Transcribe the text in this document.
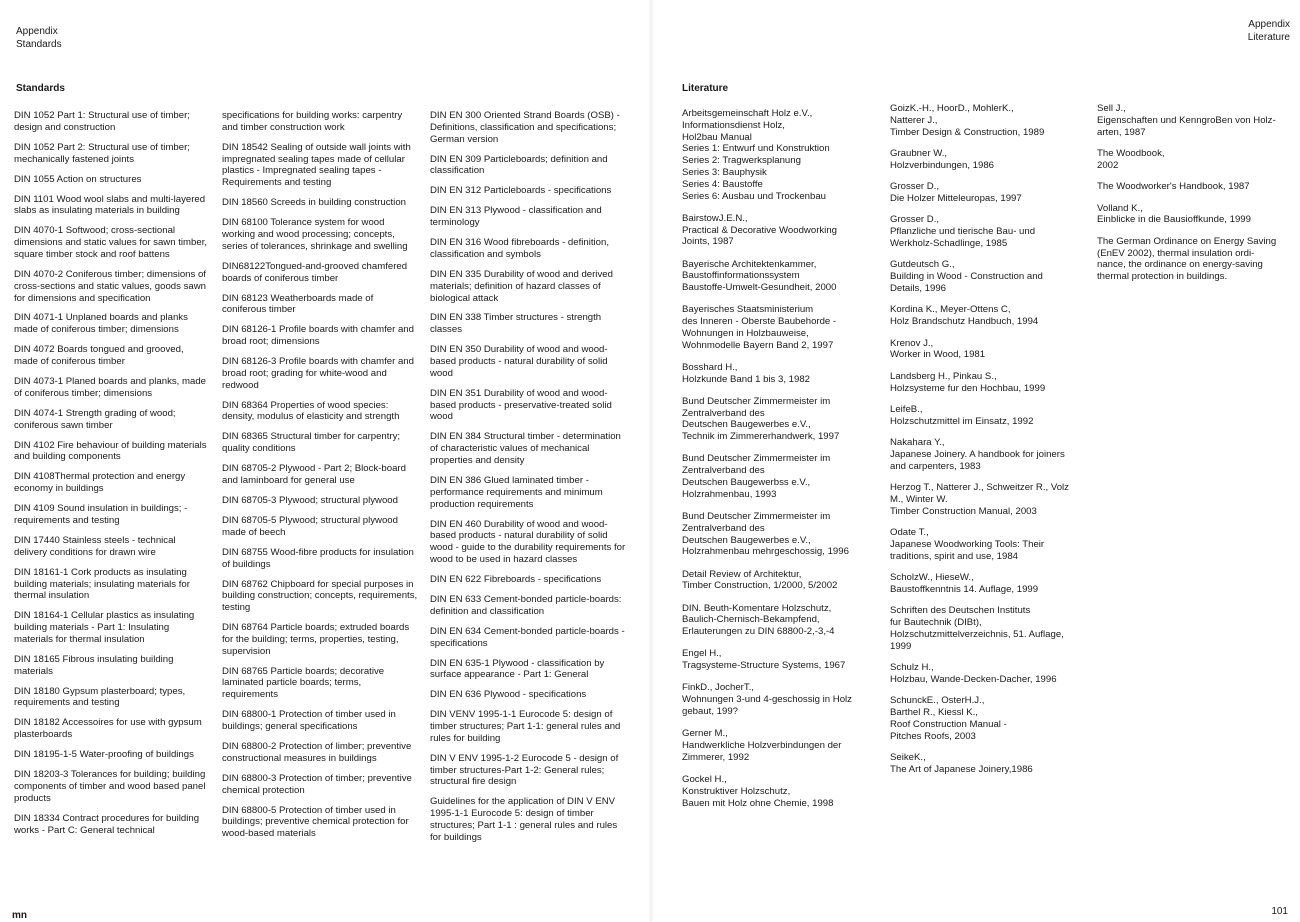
Appendix
Standards
Appendix
Literature
Standards	Literature
DIN 1052 Part 1: Structural use of timber; design and construction
DIN 1052 Part 2: Structural use of timber; mechanically fastened joints
DIN 1055 Action on structures
DIN 1101 Wood wool slabs and multi-layered slabs as insulating materials in building
DIN 4070-1 Softwood; cross-sectional dimensions and static values for sawn timber, square timber stock and roof battens
DIN 4070-2 Coniferous timber; dimensions of cross-sections and static values, goods sawn for dimensions and specification
DIN 4071-1 Unplaned boards and planks made of coniferous timber; dimensions
DIN 4072 Boards tongued and grooved, made of coniferous timber
DIN 4073-1 Planed boards and planks, made of coniferous timber; dimensions
DIN 4074-1 Strength grading of wood; coniferous sawn timber
DIN 4102 Fire behaviour of building materials and building components
DIN 4108Thermal protection and energy economy in buildings
DIN 4109 Sound insulation in buildings; - requirements and testing
DIN 17440 Stainless steels - technical delivery conditions for drawn wire
DIN 18161-1 Cork products as insulating building materials; insulating materials for thermal insulation
DIN 18164-1 Cellular plastics as insulating building materials - Part 1: Insulating materials for thermal insulation
DIN 18165 Fibrous insulating building materials
DIN 18180 Gypsum plasterboard; types, requirements and testing
DIN 18182 Accessoires for use with gypsum plasterboards
DIN 18195-1-5 Water-proofing of buildings
DIN 18203-3 Tolerances for building; building components of timber and wood based panel products
DIN 18334 Contract procedures for building works - Part C: General technical
specifications for building works: carpentry and timber construction work
DIN 18542 Sealing of outside wall joints with impregnated sealing tapes made of cellular plastics - Impregnated sealing tapes - Requirements and testing
DIN 18560 Screeds in building construction
DIN 68100 Tolerance system for wood working and wood processing; concepts, series of tolerances, shrinkage and swelling
DIN68122Tongued-and-grooved chamfered boards of coniferous timber
DIN 68123 Weatherboards made of coniferous timber
DIN 68126-1 Profile boards with chamfer and broad root; dimensions
DIN 68126-3 Profile boards with chamfer and broad root; grading for white-wood and redwood
DIN 68364 Properties of wood species: density, modulus of elasticity and strength
DIN 68365 Structural timber for carpentry; quality conditions
DIN 68705-2 Plywood - Part 2; Block-board and laminboard for general use
DIN 68705-3 Plywood; structural plywood
DIN 68705-5 Plywood; structural plywood made of beech
DIN 68755 Wood-fibre products for insulation of buildings
DIN 68762 Chipboard for special purposes in building construction; concepts, requirements, testing
DIN 68764 Particle boards; extruded boards for the building; terms, properties, testing, supervision
DIN 68765 Particle boards; decorative laminated particle boards; terms, requirements
DIN 68800-1 Protection of timber used in buildings; general specifications
DIN 68800-2 Protection of limber; preventive constructional measures in buildings
DIN 68800-3 Protection of timber; preventive chemical protection
DIN 68800-5 Protection of timber used in buildings; preventive chemical protection for wood-based materials
DIN EN 300 Oriented Strand Boards (OSB) - Definitions, classification and specifications; German version
DIN EN 309 Particleboards; definition and classification
DIN EN 312 Particleboards - specifications
DIN EN 313 Plywood - classification and terminology
DIN EN 316 Wood fibreboards - definition, classification and symbols
DIN EN 335 Durability of wood and derived materials; definition of hazard classes of biological attack
DIN EN 338 Timber structures - strength classes
DIN EN 350 Durability of wood and wood-based products - natural durability of solid wood
DIN EN 351 Durability of wood and wood-based products - preservative-treated solid wood
DIN EN 384 Structural timber - determination of characteristic values of mechanical properties and density
DIN EN 386 Glued laminated timber - performance requirements and minimum production requirements
DIN EN 460 Durability of wood and wood-based products - natural durability of solid wood - guide to the durability requirements for wood to be used in hazard classes
DIN EN 622 Fibreboards - specifications
DIN EN 633 Cement-bonded particle-boards: definition and classification
DIN EN 634 Cement-bonded particle-boards - specifications
DIN EN 635-1 Plywood - classification by surface appearance - Part 1: General
DIN EN 636 Plywood - specifications
DIN VENV 1995-1-1 Eurocode 5: design of timber structures; Part 1-1: general rules and rules for building
DIN V ENV 1995-1-2 Eurocode 5 - design of timber structures-Part 1-2: General rules; structural fire design
Guidelines for the application of DIN V ENV 1995-1-1 Eurocode 5: design of timber structures; Part 1-1 : general rules and rules for buildings
Arbeitsgemeinschaft Holz e.V.,
Informationsdienst Holz,
Hol2bau Manual
Series 1: Entwurf und Konstruktion
Series 2: Tragwerksplanung
Series 3: Bauphysik
Series 4: Baustoffe
Series 6: Ausbau und Trockenbau
BairstowJ.E.N.,
Practical & Decorative Woodworking
Joints, 1987
Bayerische Architektenkammer,
Baustoffinformationssystem
Baustoffe-Umwelt-Gesundheit, 2000
Bayerisches Staatsministerium
des Inneren - Oberste Baubehorde -
Wohnungen in Holzbauweise,
Wohnmodelle Bayern Band 2, 1997
Bosshard H.,
Holzkunde Band 1 bis 3, 1982
Bund Deutscher Zimmermeister im
Zentralverband des
Deutschen Baugewerbes e.V.,
Technik im Zimmererhandwerk, 1997
Bund Deutscher Zimmermeister im
Zentralverband des
Deutschen Baugewerbss e.V.,
Holzrahmenbau, 1993
Bund Deutscher Zimmermeister im
Zentralverband des
Deutschen Baugewerbes e.V.,
Holzrahmenbau mehrgeschossig, 1996
Detail Review of Architektur,
Timber Construction, 1/2000, 5/2002
DIN. Beuth-Komentare Holzschutz,
Baulich-Chernisch-Bekampfend,
Erlauterungen zu DIN 68800-2,-3,-4
Engel H.,
Tragsysteme-Structure Systems, 1967
FinkD., JocherT.,
Wohnungen 3-und 4-geschossig in Holz
gebaut, 199?
Gerner M.,
Handwerkliche Holzverbindungen der
Zimmerer, 1992
Gockel H.,
Konstruktiver Holzschutz,
Bauen mit Holz ohne Chemie, 1998
GoizK.-H., HoorD., MohlerK.,
Natterer J.,
Timber Design & Construction, 1989
Graubner W.,
Holzverbindungen, 1986
Grosser D.,
Die Holzer Mitteleuropas, 1997
Grosser D.,
Pflanzliche und tierische Bau- und
Werkholz-Schadlinge, 1985
Gutdeutsch G.,
Building in Wood - Construction and
Details, 1996
Kordina K., Meyer-Ottens C,
Holz Brandschutz Handbuch, 1994
Krenov J.,
Worker in Wood, 1981
Landsberg H., Pinkau S.,
Holzsysteme fur den Hochbau, 1999
LeifeB.,
Holzschutzmittel im Einsatz, 1992
Nakahara Y.,
Japanese Joinery. A handbook for joiners
and carpenters, 1983
Herzog T., Natterer J., Schweitzer R., Volz
M., Winter W.
Timber Construction Manual, 2003
Odate T.,
Japanese Woodworking Tools: Their
traditions, spirit and use, 1984
ScholzW., HieseW.,
Baustoffkenntnis 14. Auflage, 1999
Schriften des Deutschen Instituts
fur Bautechnik (DIBt),
Holzschutzmittelverzeichnis, 51. Auflage,
1999
Schulz H.,
Holzbau, Wande-Decken-Dacher, 1996
SchunckE., OsterH.J.,
Barthel R., Kiessl K.,
Roof Construction Manual -
Pitches Roofs, 2003
SeikeK.,
The Art of Japanese Joinery,1986
Sell J.,
Eigenschaften und KenngroBen von Holz-
arten, 1987
The Woodbook,
2002
The Woodworker's Handbook, 1987
Volland K.,
Einblicke in die Bausioffkunde, 1999
The German Ordinance on Energy Saving
(EnEV 2002), thermal insulation ordi-
nance, the ordinance on energy-saving
thermal protection in buildings.
mn	101
